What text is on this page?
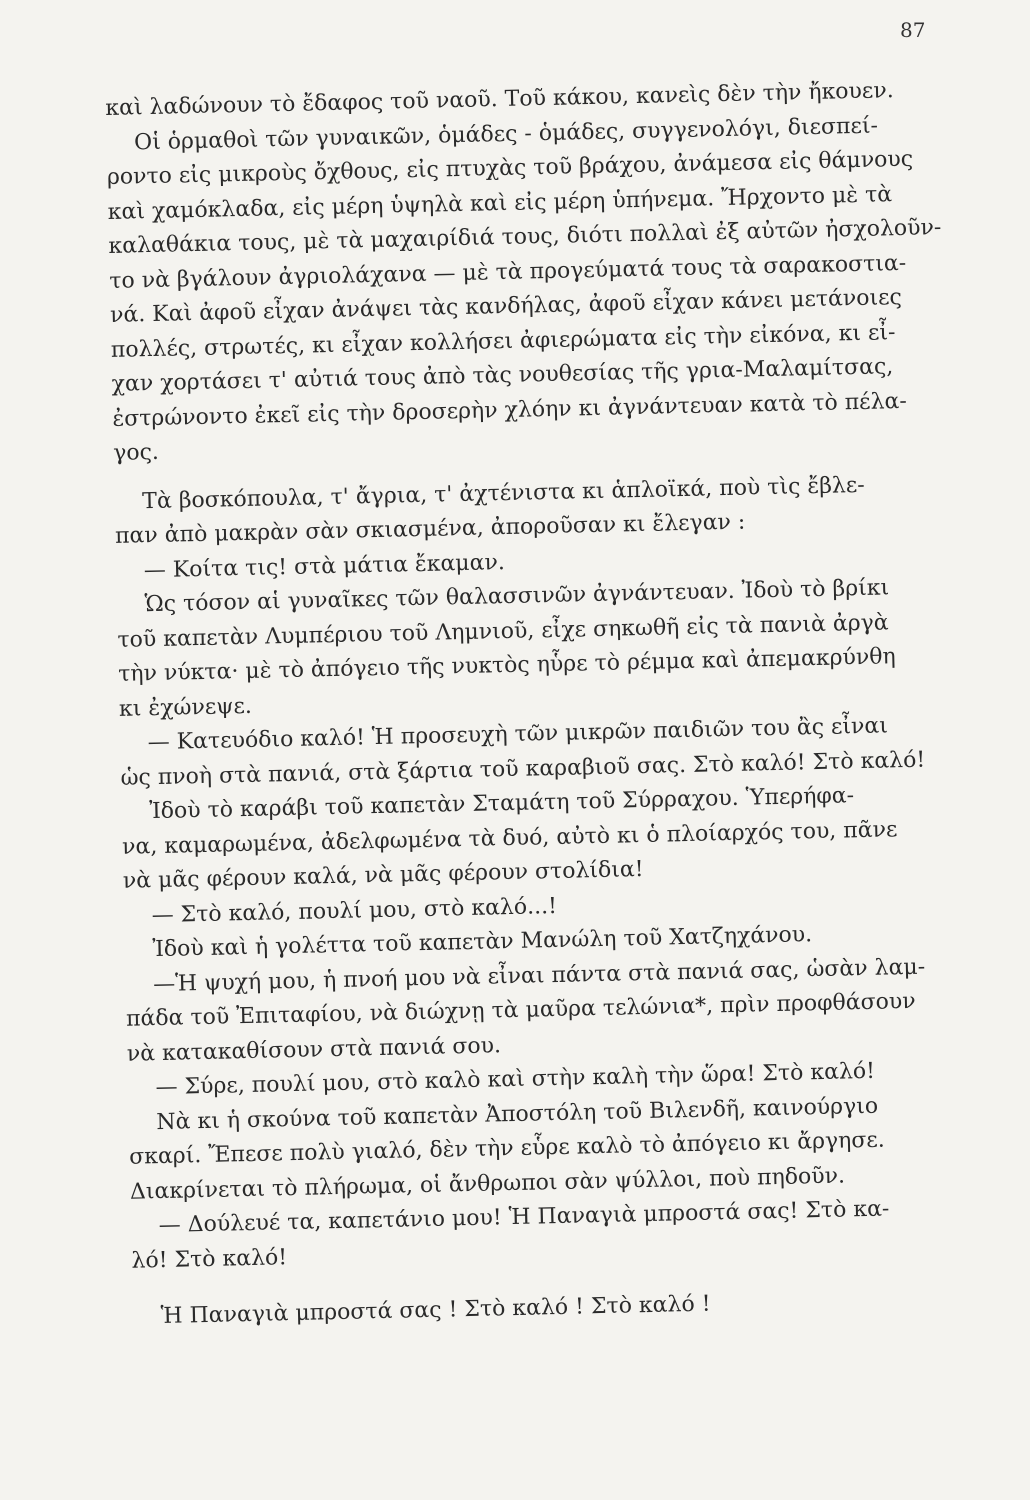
87
καὶ λαδώνουν τὸ ἔδαφος τοῦ ναοῦ. Τοῦ κάκου, κανεὶς δὲν τὴν ἤκουεν.
Οἱ ὁρμαθοὶ τῶν γυναικῶν, ὁμάδες - ὁμάδες, συγγενολόγι, διεσπεί-
ροντο εἰς μικροὺς ὄχθους, εἰς πτυχὰς τοῦ βράχου, ἀνάμεσα εἰς θάμνους
καὶ χαμόκλαδα, εἰς μέρη ὑψηλὰ καὶ εἰς μέρη ὑπήνεμα. Ἤρχοντο μὲ τὰ
καλαθάκια τους, μὲ τὰ μαχαιρίδιά τους, διότι πολλαὶ ἐξ αὐτῶν ἠσχολοῦν-
το νὰ βγάλουν ἀγριολάχανα — μὲ τὰ προγεύματά τους τὰ σαρακοστια-
νά. Καὶ ἀφοῦ εἶχαν ἀνάψει τὰς κανδήλας, ἀφοῦ εἶχαν κάνει μετάνοιες
πολλές, στρωτές, κι εἶχαν κολλήσει ἀφιερώματα εἰς τὴν εἰκόνα, κι εἶ-
χαν χορτάσει τ' αὐτιά τους ἀπὸ τὰς νουθεσίας τῆς γρια-Μαλαμίτσας,
ἐστρώνοντο ἐκεῖ εἰς τὴν δροσερὴν χλόην κι ἀγνάντευαν κατὰ τὸ πέλα-
γος.
Τὰ βοσκόπουλα, τ' ἄγρια, τ' ἀχτένιστα κι ἁπλοϊκά, ποὺ τὶς ἔβλε-
παν ἀπὸ μακρὰν σὰν σκιασμένα, ἀποροῦσαν κι ἔλεγαν :
— Κοίτα τις! στὰ μάτια ἔκαμαν.
Ὡς τόσον αἱ γυναῖκες τῶν θαλασσινῶν ἀγνάντευαν. Ἰδοὺ τὸ βρίκι
τοῦ καπετὰν Λυμπέριου τοῦ Λημνιοῦ, εἶχε σηκωθῆ εἰς τὰ πανιὰ ἀργὰ
τὴν νύκτα· μὲ τὸ ἀπόγειο τῆς νυκτὸς ηὗρε τὸ ρέμμα καὶ ἀπεμακρύνθη
κι ἐχώνεψε.
— Κατευόδιο καλό! Ἡ προσευχὴ τῶν μικρῶν παιδιῶν του ἂς εἶναι
ὡς πνοὴ στὰ πανιά, στὰ ξάρτια τοῦ καραβιοῦ σας. Στὸ καλό! Στὸ καλό!
Ἰδοὺ τὸ καράβι τοῦ καπετὰν Σταμάτη τοῦ Σύρραχου. Ὑπερήφα-
να, καμαρωμένα, ἀδελφωμένα τὰ δυό, αὐτὸ κι ὁ πλοίαρχός του, πᾶνε
νὰ μᾶς φέρουν καλά, νὰ μᾶς φέρουν στολίδια!
— Στὸ καλό, πουλί μου, στὸ καλό...!
Ἰδοὺ καὶ ἡ γολέττα τοῦ καπετὰν Μανώλη τοῦ Χατζηχάνου.
—Ἡ ψυχή μου, ἡ πνοή μου νὰ εἶναι πάντα στὰ πανιά σας, ὡσὰν λαμ-
πάδα τοῦ Ἐπιταφίου, νὰ διώχνῃ τὰ μαῦρα τελώνια*, πρὶν προφθάσουν
νὰ κατακαθίσουν στὰ πανιά σου.
— Σύρε, πουλί μου, στὸ καλὸ καὶ στὴν καλὴ τὴν ὥρα! Στὸ καλό!
Νὰ κι ἡ σκούνα τοῦ καπετὰν Ἀποστόλη τοῦ Βιλενδῆ, καινούργιο
σκαρί. Ἔπεσε πολὺ γιαλό, δὲν τὴν εὗρε καλὸ τὸ ἀπόγειο κι ἄργησε.
Διακρίνεται τὸ πλήρωμα, οἱ ἄνθρωποι σὰν ψύλλοι, ποὺ πηδοῦν.
— Δούλευέ τα, καπετάνιο μου! Ἡ Παναγιὰ μπροστά σας! Στὸ κα-
λό! Στὸ καλό!
Ἡ Παναγιὰ μπροστά σας ! Στὸ καλό ! Στὸ καλό !
